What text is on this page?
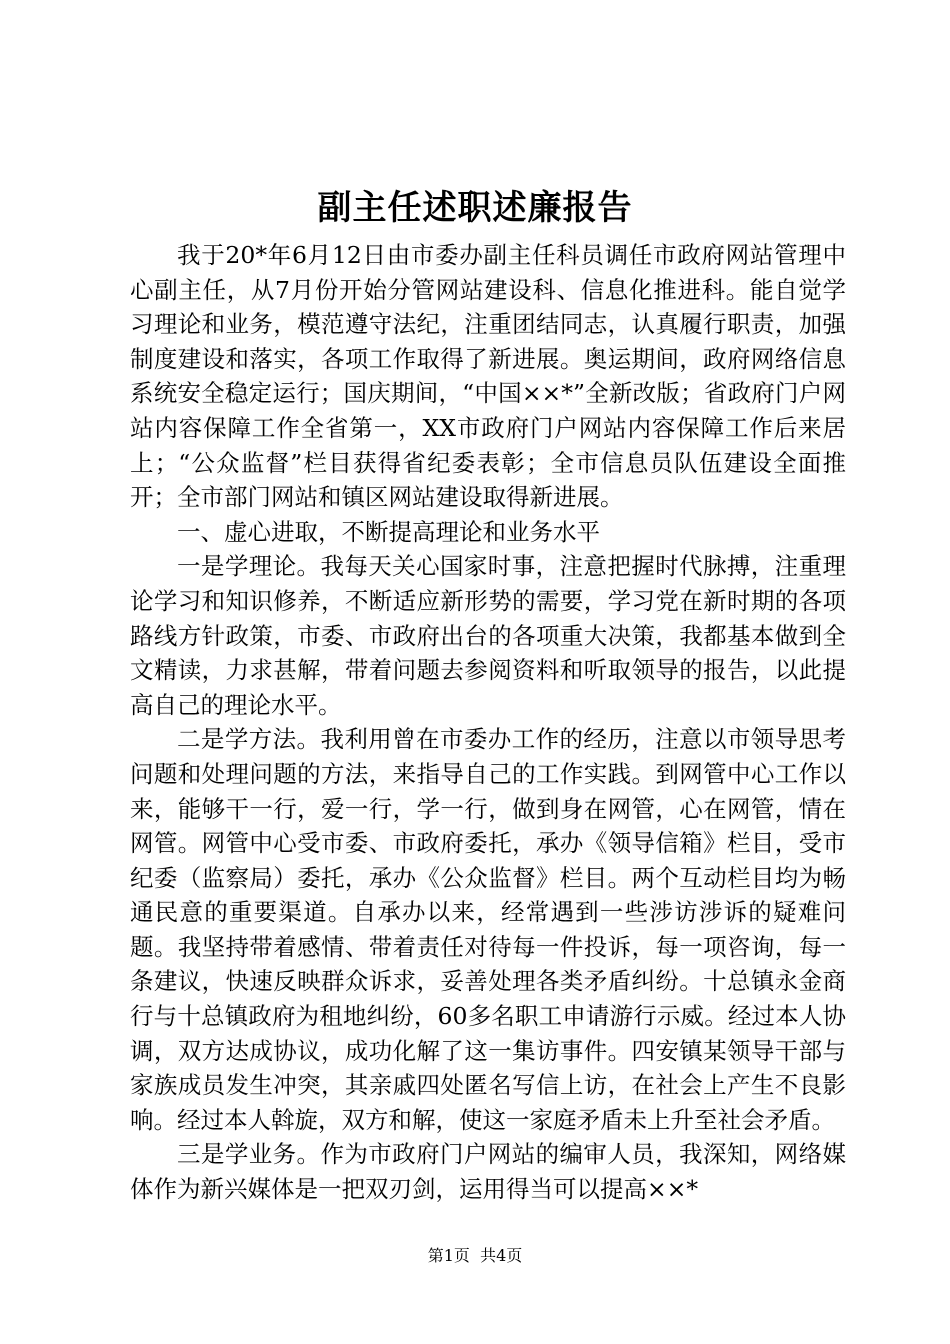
副主任述职述廉报告

我于20*年6月12日由市委办副主任科员调任市政府网站管理中心副主任，从7月份开始分管网站建设科、信息化推进科。能自觉学习理论和业务，模范遵守法纪，注重团结同志，认真履行职责，加强制度建设和落实，各项工作取得了新进展。奥运期间，政府网络信息系统安全稳定运行；国庆期间，“中国××*”全新改版；省政府门户网站内容保障工作全省第一，XX市政府门户网站内容保障工作后来居上；“公众监督”栏目获得省纪委表彰；全市信息员队伍建设全面推开；全市部门网站和镇区网站建设取得新进展。

一、虚心进取，不断提高理论和业务水平

一是学理论。我每天关心国家时事，注意把握时代脉搏，注重理论学习和知识修养，不断适应新形势的需要，学习党在新时期的各项路线方针政策，市委、市政府出台的各项重大决策，我都基本做到全文精读，力求甚解，带着问题去参阅资料和听取领导的报告，以此提高自己的理论水平。

二是学方法。我利用曾在市委办工作的经历，注意以市领导思考问题和处理问题的方法，来指导自己的工作实践。到网管中心工作以来，能够干一行，爱一行，学一行，做到身在网管，心在网管，情在网管。网管中心受市委、市政府委托，承办《领导信箱》栏目，受市纪委（监察局）委托，承办《公众监督》栏目。两个互动栏目均为畅通民意的重要渠道。自承办以来，经常遇到一些涉访涉诉的疑难问题。我坚持带着感情、带着责任对待每一件投诉，每一项咨询，每一条建议，快速反映群众诉求，妥善处理各类矛盾纠纷。十总镇永金商行与十总镇政府为租地纠纷，60多名职工申请游行示威。经过本人协调，双方达成协议，成功化解了这一集访事件。四安镇某领导干部与家族成员发生冲突，其亲戚四处匿名写信上访，在社会上产生不良影响。经过本人斡旋，双方和解，使这一家庭矛盾未上升至社会矛盾。

三是学业务。作为市政府门户网站的编审人员，我深知，网络媒体作为新兴媒体是一把双刃剑，运用得当可以提高××*

第1页 共4页
